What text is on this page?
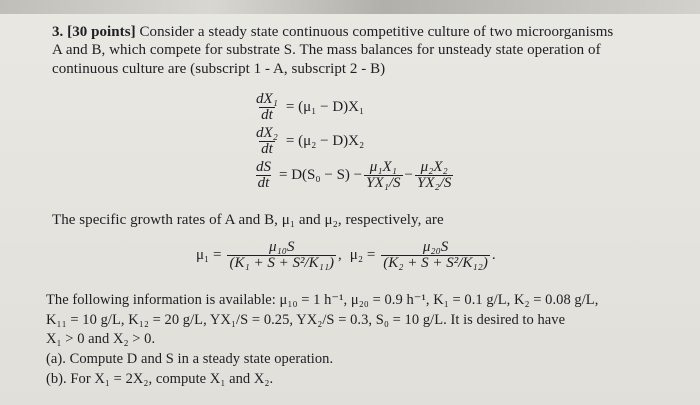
3. [30 points] Consider a steady state continuous competitive culture of two microorganisms
A and B, which compete for substrate S. The mass balances for unsteady state operation of
continuous culture are (subscript 1 - A, subscript 2 - B)
$\frac{\text{dX₁}}{dt} = (\mu_1 - D)X_1$
$\frac{\text{dX₂}}{dt} = (\mu_2 - D)X_2$
$\frac{dS}{dt} = D(S_0 - S) - \frac{\text{μ₁X₁}}{\text{YX₁/S}} - \frac{\text{μ₂X₂}}{\text{YX₂/S}}$
The specific growth rates of A and B, μ₁ and μ₂, respectively, are
$\mu_1 = \frac{\text{μ₁₀S}}{\text{(K₁ + S + S²/K₁₁)}}$ , $\mu_2 = \frac{\text{μ₂₀S}}{\text{(K₂ + S + S²/K₁₂)}}$ .
The following information is available: μ₁₀ = 1 h⁻¹, μ₂₀ = 0.9 h⁻¹, K₁ = 0.1 g/L, K₂ = 0.08 g/L,
K₁₁ = 10 g/L, K₁₂ = 20 g/L, YX₁/S = 0.25, YX₂/S = 0.3, S₀ = 10 g/L. It is desired to have
X₁ > 0 and X₂ > 0.
(a). Compute D and S in a steady state operation.
(b). For X₁ = 2X₂, compute X₁ and X₂.
